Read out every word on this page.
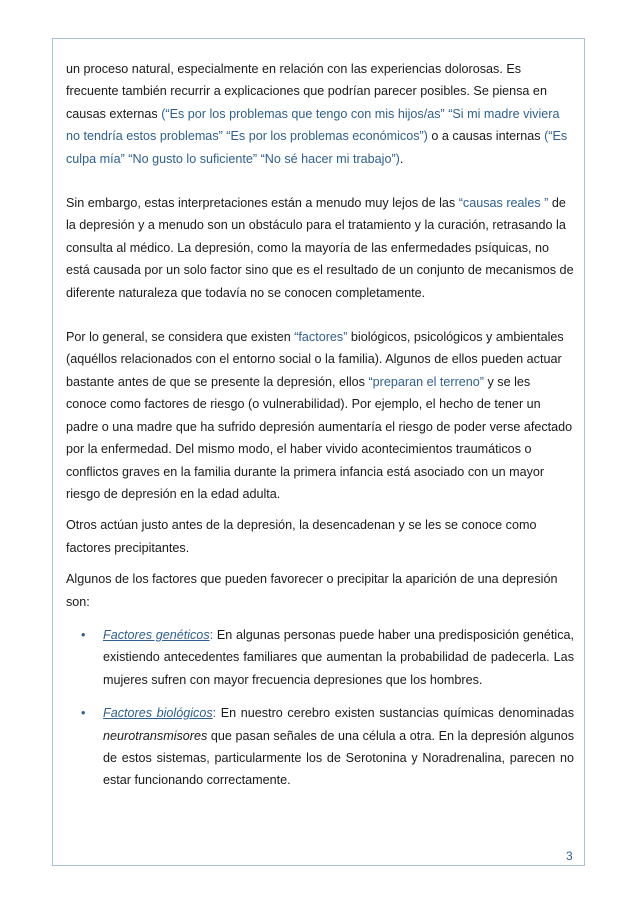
un proceso natural, especialmente en relación con las experiencias dolorosas. Es frecuente también recurrir a explicaciones que podrían parecer posibles. Se piensa en causas externas (“Es por los problemas que tengo con mis hijos/as” “Si mi madre viviera no tendría estos problemas” “Es por los problemas económicos”) o a causas internas (“Es culpa mía” “No gusto lo suficiente” “No sé hacer mi trabajo”).

Sin embargo, estas interpretaciones están a menudo muy lejos de las “causas reales ” de la depresión y a menudo son un obstáculo para el tratamiento y la curación, retrasando la consulta al médico. La depresión, como la mayoría de las enfermedades psíquicas, no está causada por un solo factor sino que es el resultado de un conjunto de mecanismos de diferente naturaleza que todavía no se conocen completamente.

Por lo general, se considera que existen “factores” biológicos, psicológicos y ambientales (aquéllos relacionados con el entorno social o la familia). Algunos de ellos pueden actuar bastante antes de que se presente la depresión, ellos “preparan el terreno” y se les conoce como factores de riesgo (o vulnerabilidad). Por ejemplo, el hecho de tener un padre o una madre que ha sufrido depresión aumentaría el riesgo de poder verse afectado por la enfermedad. Del mismo modo, el haber vivido acontecimientos traumáticos o conflictos graves en la familia durante la primera infancia está asociado con un mayor riesgo de depresión en la edad adulta.

Otros actúan justo antes de la depresión, la desencadenan y se les se conoce como factores precipitantes.

Algunos de los factores que pueden favorecer o precipitar la aparición de una depresión son:

• Factores genéticos: En algunas personas puede haber una predisposición genética, existiendo antecedentes familiares que aumentan la probabilidad de padecerla. Las mujeres sufren con mayor frecuencia depresiones que los hombres.
• Factores biológicos: En nuestro cerebro existen sustancias químicas denominadas neurotransmisores que pasan señales de una célula a otra. En la depresión algunos de estos sistemas, particularmente los de Serotonina y Noradrenalina, parecen no estar funcionando correctamente.
3
